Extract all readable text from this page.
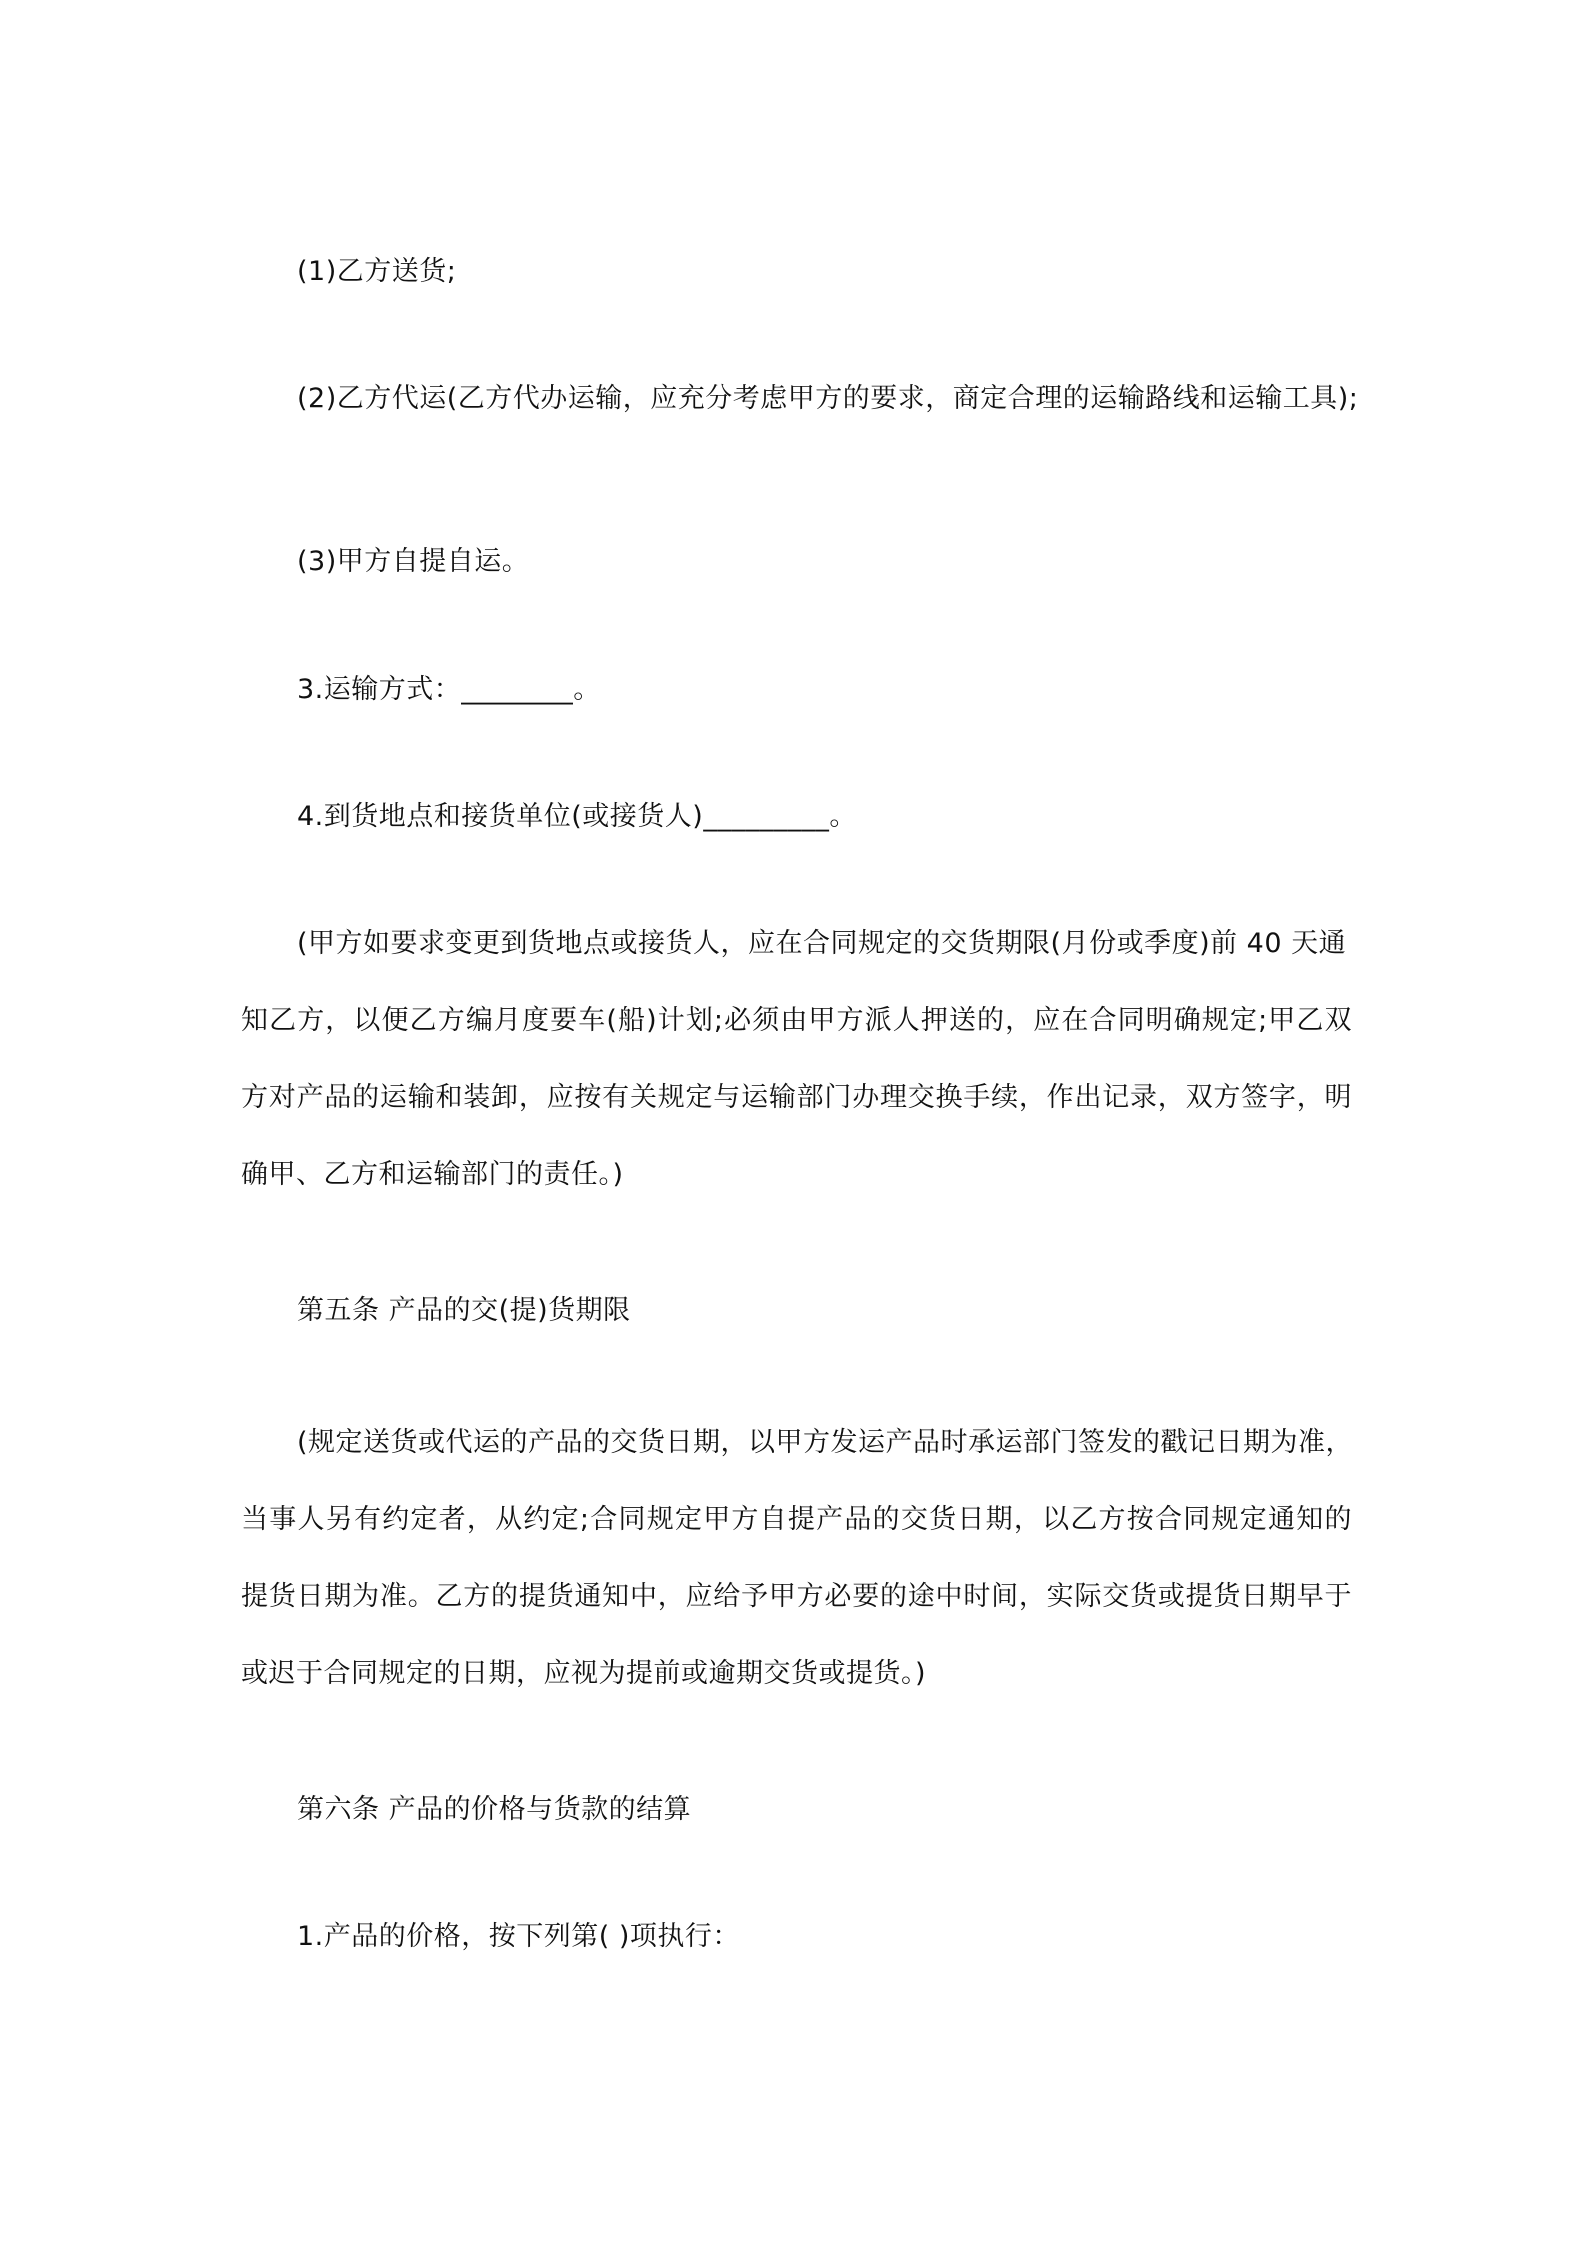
(1)乙方送货;
(2)乙方代运(乙方代办运输，应充分考虑甲方的要求，商定合理的运输路线和运输工具);
(3)甲方自提自运。
3.运输方式：________。
4.到货地点和接货单位(或接货人)_________。
(甲方如要求变更到货地点或接货人，应在合同规定的交货期限(月份或季度)前 40 天通
知乙方，以便乙方编月度要车(船)计划;必须由甲方派人押送的，应在合同明确规定;甲乙双
方对产品的运输和装卸，应按有关规定与运输部门办理交换手续，作出记录，双方签字，明
确甲、乙方和运输部门的责任。)
第五条 产品的交(提)货期限
(规定送货或代运的产品的交货日期，以甲方发运产品时承运部门签发的戳记日期为准，
当事人另有约定者，从约定;合同规定甲方自提产品的交货日期，以乙方按合同规定通知的
提货日期为准。乙方的提货通知中，应给予甲方必要的途中时间，实际交货或提货日期早于
或迟于合同规定的日期，应视为提前或逾期交货或提货。)
第六条 产品的价格与货款的结算
1.产品的价格，按下列第( )项执行：
